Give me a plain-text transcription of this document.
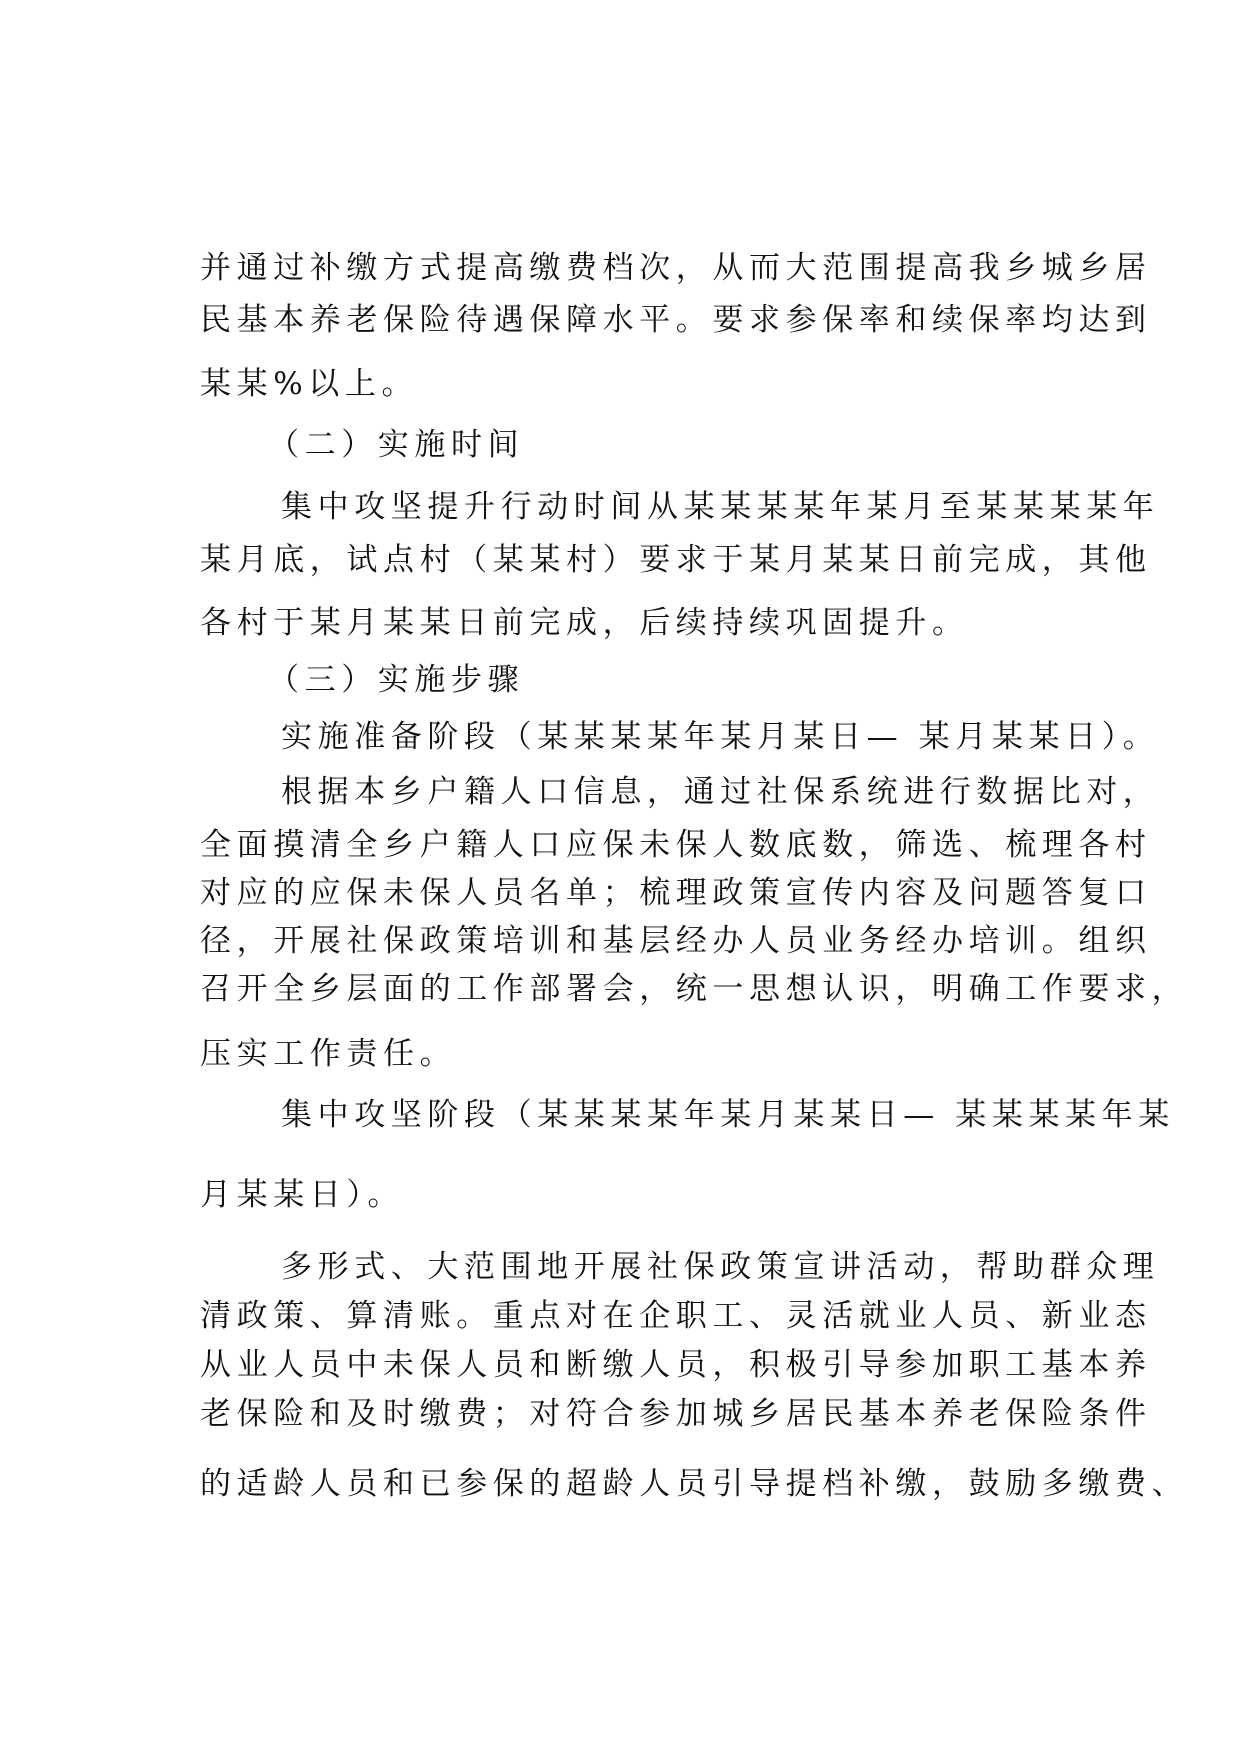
并通过补缴方式提高缴费档次，从而大范围提高我乡城乡居
民基本养老保险待遇保障水平。要求参保率和续保率均达到
某某%以上。
（二）实施时间
集中攻坚提升行动时间从某某某某年某月至某某某某年
某月底，试点村（某某村）要求于某月某某日前完成，其他
各村于某月某某日前完成，后续持续巩固提升。
（三）实施步骤
实施准备阶段（某某某某年某月某日— 某月某某日）。
根据本乡户籍人口信息，通过社保系统进行数据比对，
全面摸清全乡户籍人口应保未保人数底数，筛选、梳理各村
对应的应保未保人员名单；梳理政策宣传内容及问题答复口
径，开展社保政策培训和基层经办人员业务经办培训。组织
召开全乡层面的工作部署会，统一思想认识，明确工作要求，
压实工作责任。
集中攻坚阶段（某某某某年某月某某日— 某某某某年某
月某某日）。
多形式、大范围地开展社保政策宣讲活动，帮助群众理
清政策、算清账。重点对在企职工、灵活就业人员、新业态
从业人员中未保人员和断缴人员，积极引导参加职工基本养
老保险和及时缴费；对符合参加城乡居民基本养老保险条件
的适龄人员和已参保的超龄人员引导提档补缴，鼓励多缴费、
